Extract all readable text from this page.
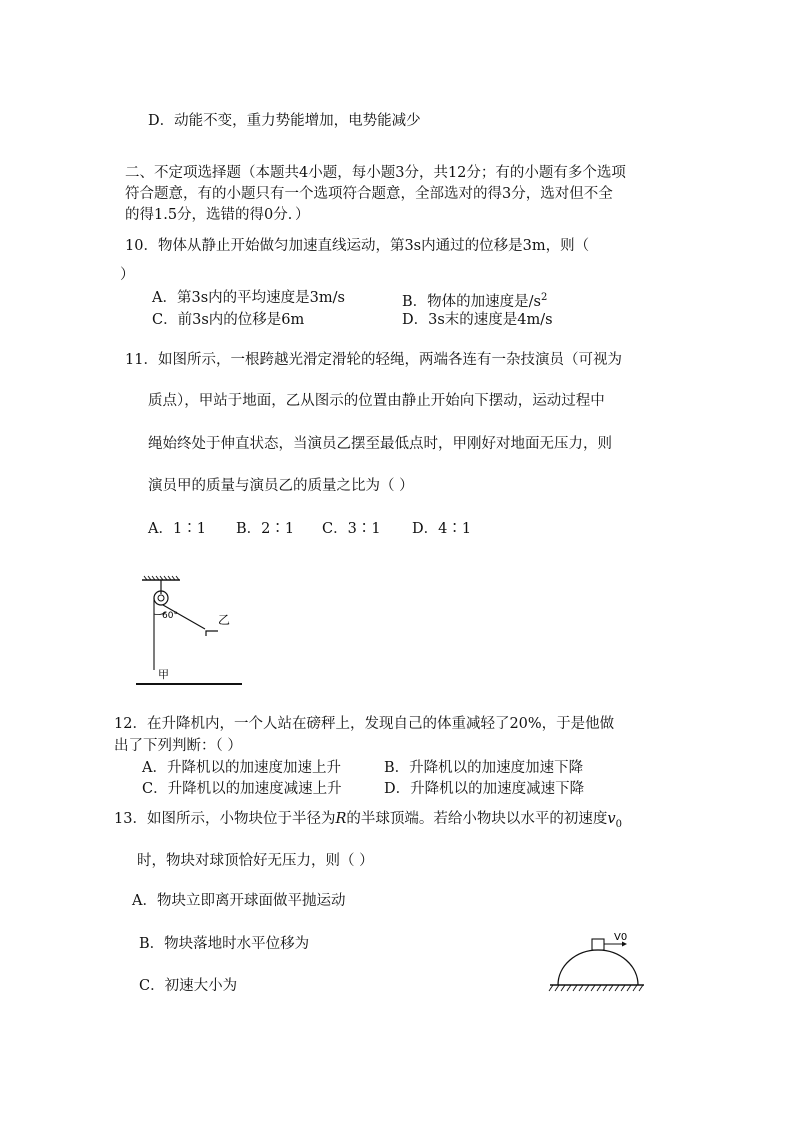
D．动能不变，重力势能增加，电势能减少
二、不定项选择题（本题共4小题，每小题3分，共12分；有的小题有多个选项
符合题意，有的小题只有一个选项符合题意，全部选对的得3分，选对但不全
的得1.5分，选错的得0分．）
10．物体从静止开始做匀加速直线运动，第3s内通过的位移是3m，则（
）
A．第3s内的平均速度是3m/s	B．物体的加速度是$/s^2$
C．前3s内的位移是6m	D．3s末的速度是4m/s
11．如图所示，一根跨越光滑定滑轮的轻绳，两端各连有一杂技演员（可视为
质点），甲站于地面，乙从图示的位置由静止开始向下摆动，运动过程中
绳始终处于伸直状态，当演员乙摆至最低点时，甲刚好对地面无压力，则
演员甲的质量与演员乙的质量之比为（ ）
A．1∶1 B．2∶1 C．3∶1 D．4∶1
60°	乙
甲
12．在升降机内，一个人站在磅秤上，发现自己的体重减轻了20%，于是他做
出了下列判断：（ ）
A．升降机以的加速度加速上升	B．升降机以的加速度加速下降
C．升降机以的加速度减速上升	D．升降机以的加速度减速下降
13．如图所示，小物块位于半径为R的半球顶端。若给小物块以水平的初速度$v_0$
时，物块对球顶恰好无压力，则（ ）
A．物块立即离开球面做平抛运动
B．物块落地时水平位移为
C．初速大小为
V0
